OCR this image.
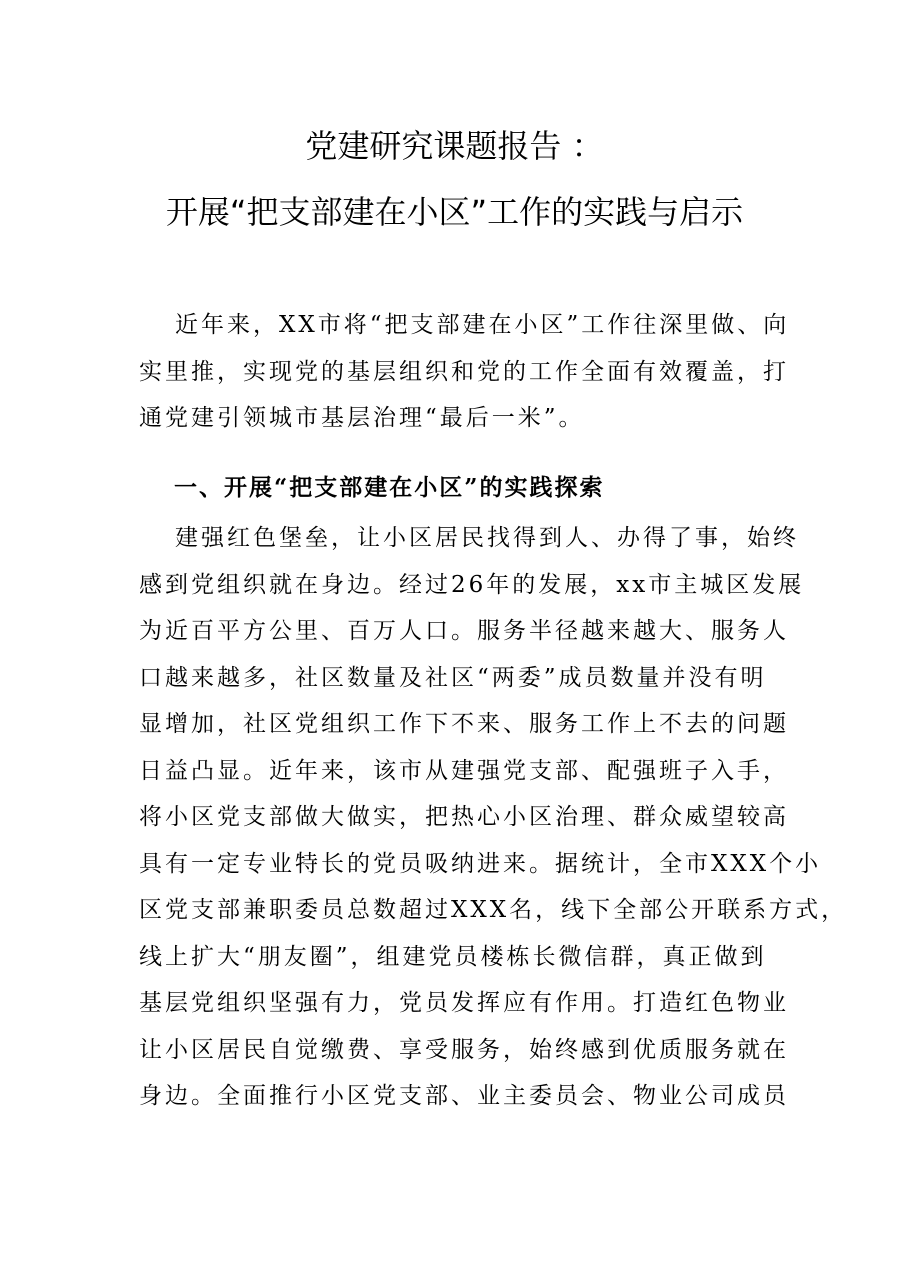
党建研究课题报告 ：
开展“把支部建在小区”工作的实践与启示
近年来，XX市将“把支部建在小区”工作往深里做、向
实里推，实现党的基层组织和党的工作全面有效覆盖，打
通党建引领城市基层治理“最后一米”。
一、开展“把支部建在小区”的实践探索
建强红色堡垒，让小区居民找得到人、办得了事，始终
感到党组织就在身边。经过26年的发展，xx市主城区发展
为近百平方公里、百万人口。服务半径越来越大、服务人
口越来越多，社区数量及社区“两委”成员数量并没有明
显增加，社区党组织工作下不来、服务工作上不去的问题
日益凸显。近年来，该市从建强党支部、配强班子入手，
将小区党支部做大做实，把热心小区治理、群众威望较高
具有一定专业特长的党员吸纳进来。据统计，全市XXX个小
区党支部兼职委员总数超过XXX名，线下全部公开联系方式，
线上扩大“朋友圈”，组建党员楼栋长微信群，真正做到
基层党组织坚强有力，党员发挥应有作用。打造红色物业
让小区居民自觉缴费、享受服务，始终感到优质服务就在
身边。全面推行小区党支部、业主委员会、物业公司成员
